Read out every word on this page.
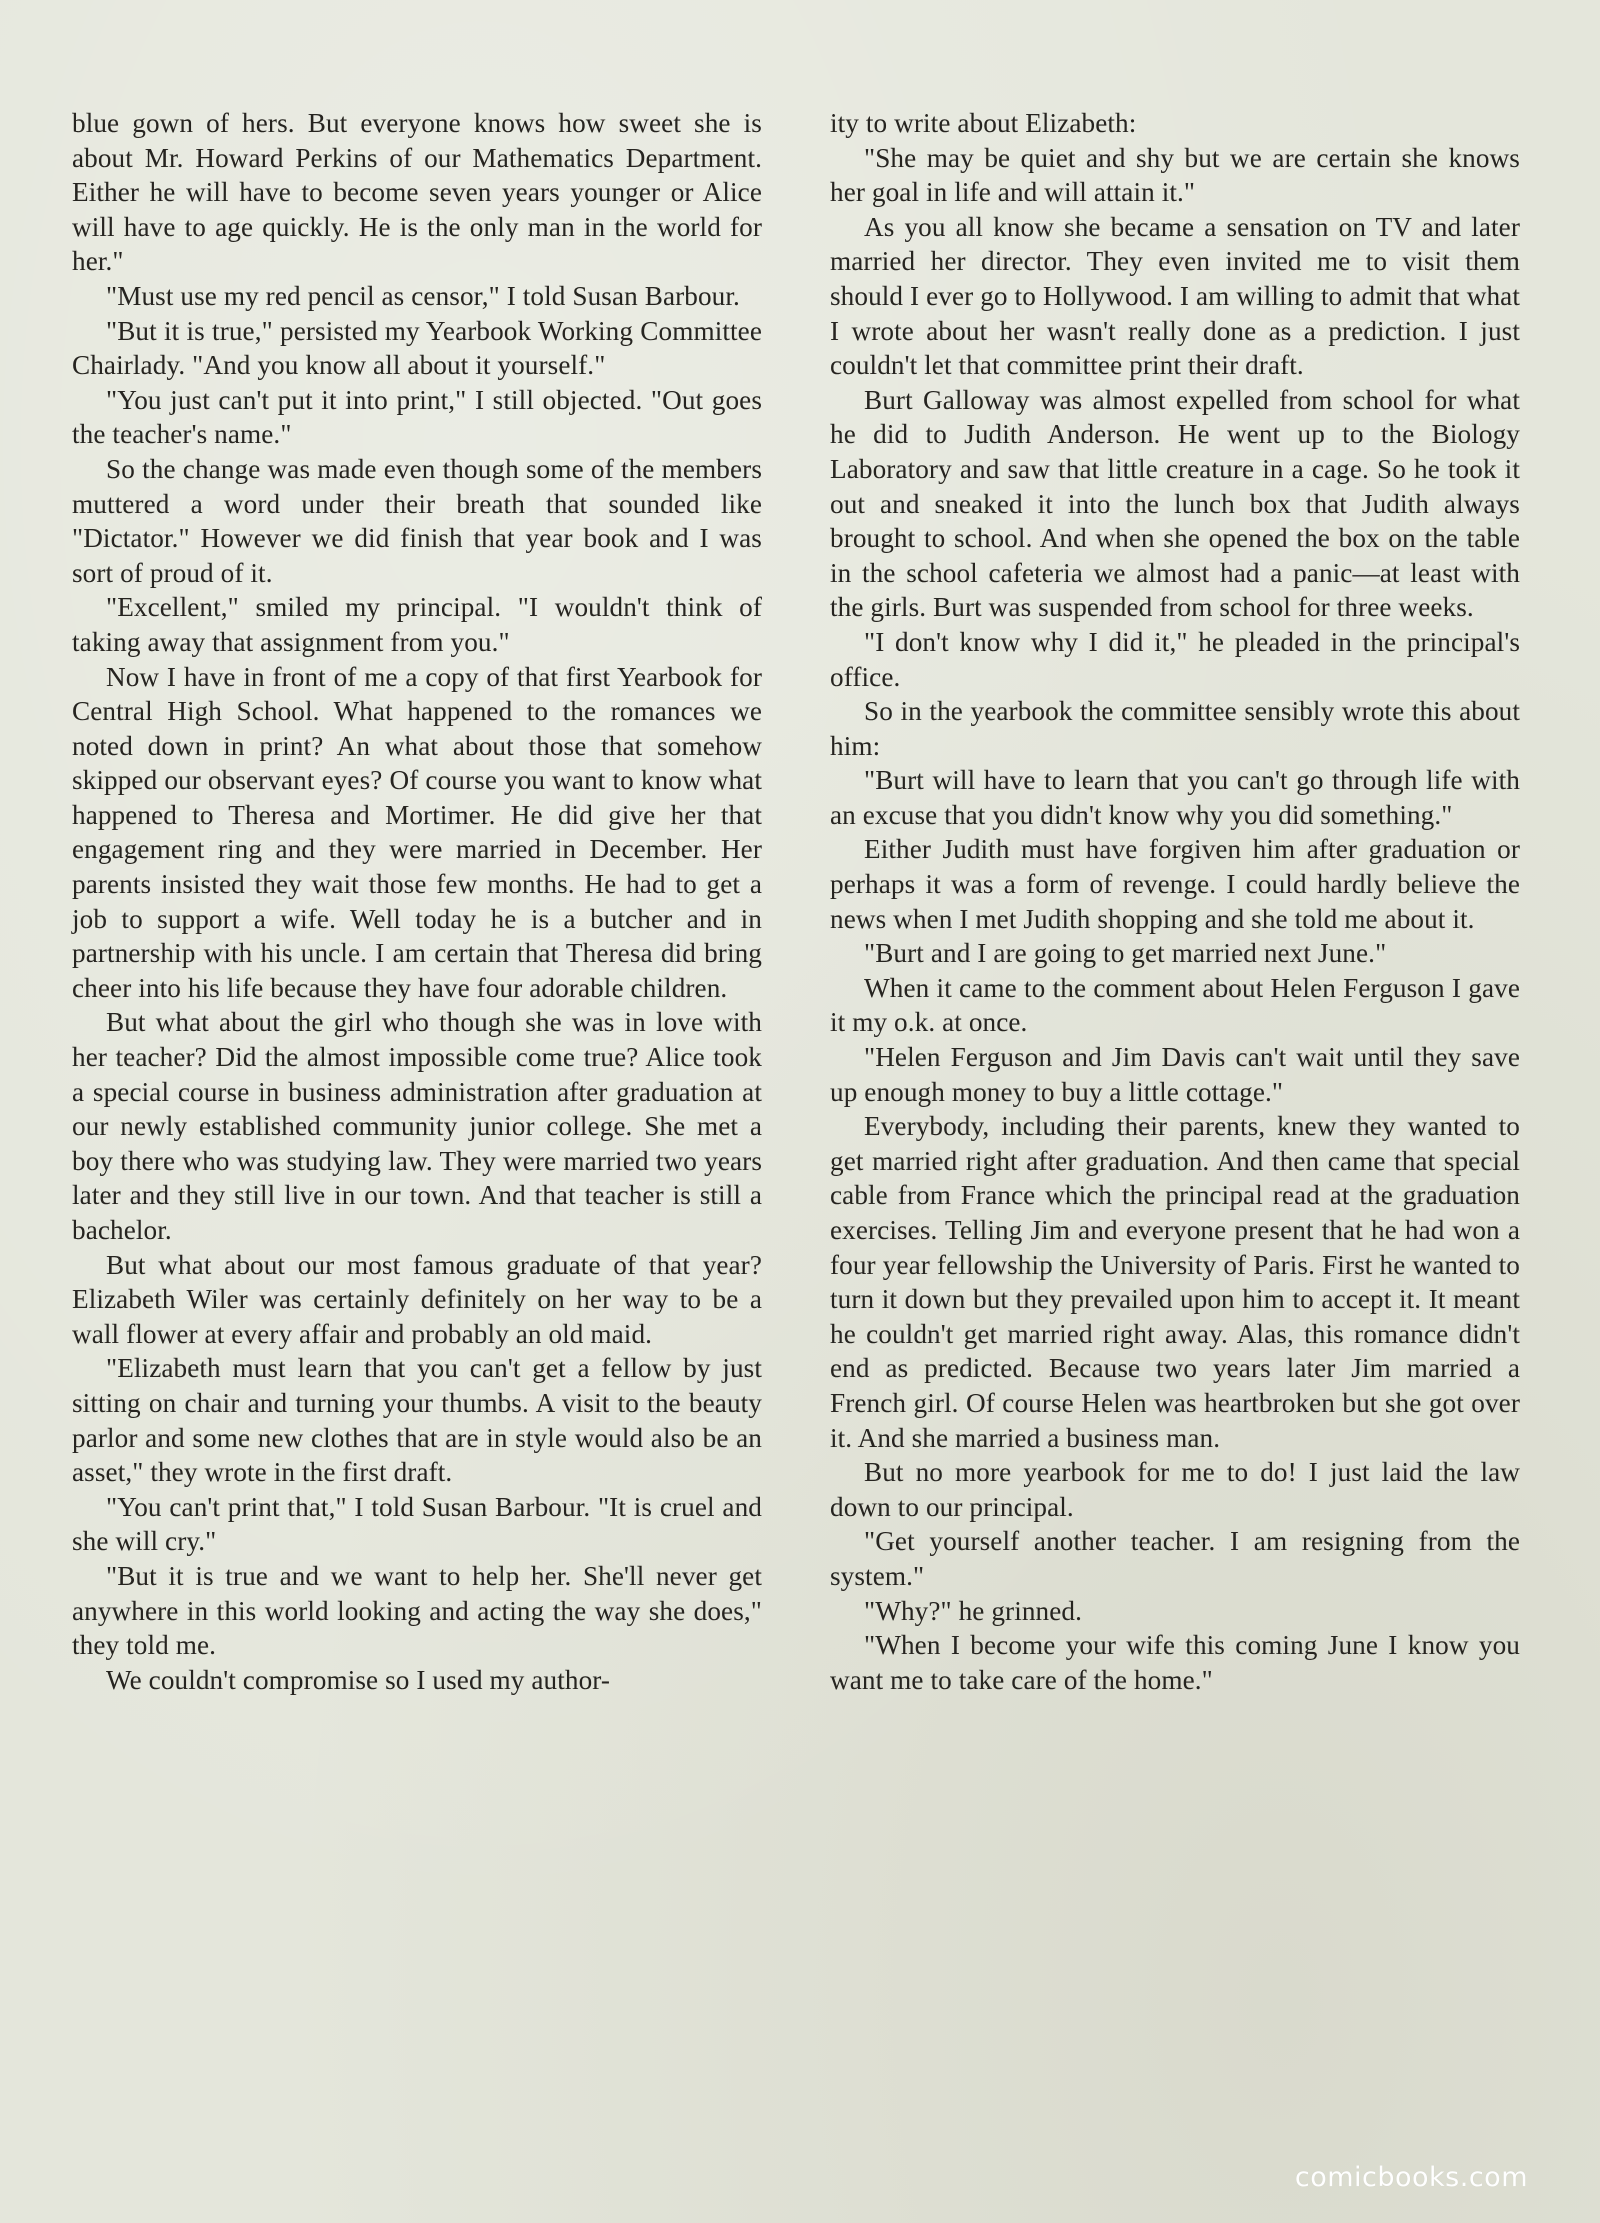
blue gown of hers. But everyone knows how sweet she is about Mr. Howard Perkins of our Mathematics Department. Either he will have to become seven years younger or Alice will have to age quickly. He is the only man in the world for her."

"Must use my red pencil as censor," I told Susan Barbour.

"But it is true," persisted my Yearbook Working Committee Chairlady. "And you know all about it yourself."

"You just can't put it into print," I still objected. "Out goes the teacher's name."

So the change was made even though some of the members muttered a word under their breath that sounded like "Dictator." However we did finish that year book and I was sort of proud of it.

"Excellent," smiled my principal. "I wouldn't think of taking away that assignment from you."

Now I have in front of me a copy of that first Yearbook for Central High School. What happened to the romances we noted down in print? An what about those that somehow skipped our observant eyes? Of course you want to know what happened to Theresa and Mortimer. He did give her that engagement ring and they were married in December. Her parents insisted they wait those few months. He had to get a job to support a wife. Well today he is a butcher and in partnership with his uncle. I am certain that Theresa did bring cheer into his life because they have four adorable children.

But what about the girl who though she was in love with her teacher? Did the almost impossible come true? Alice took a special course in business administration after graduation at our newly established community junior college. She met a boy there who was studying law. They were married two years later and they still live in our town. And that teacher is still a bachelor.

But what about our most famous graduate of that year? Elizabeth Wiler was certainly definitely on her way to be a wall flower at every affair and probably an old maid.

"Elizabeth must learn that you can't get a fellow by just sitting on chair and turning your thumbs. A visit to the beauty parlor and some new clothes that are in style would also be an asset," they wrote in the first draft.

"You can't print that," I told Susan Barbour. "It is cruel and she will cry."

"But it is true and we want to help her. She'll never get anywhere in this world looking and acting the way she does," they told me.

We couldn't compromise so I used my author-

ity to write about Elizabeth:

"She may be quiet and shy but we are certain she knows her goal in life and will attain it."

As you all know she became a sensation on TV and later married her director. They even invited me to visit them should I ever go to Hollywood. I am willing to admit that what I wrote about her wasn't really done as a prediction. I just couldn't let that committee print their draft.

Burt Galloway was almost expelled from school for what he did to Judith Anderson. He went up to the Biology Laboratory and saw that little creature in a cage. So he took it out and sneaked it into the lunch box that Judith always brought to school. And when she opened the box on the table in the school cafeteria we almost had a panic—at least with the girls. Burt was suspended from school for three weeks.

"I don't know why I did it," he pleaded in the principal's office.

So in the yearbook the committee sensibly wrote this about him:

"Burt will have to learn that you can't go through life with an excuse that you didn't know why you did something."

Either Judith must have forgiven him after graduation or perhaps it was a form of revenge. I could hardly believe the news when I met Judith shopping and she told me about it.

"Burt and I are going to get married next June."

When it came to the comment about Helen Ferguson I gave it my o.k. at once.

"Helen Ferguson and Jim Davis can't wait until they save up enough money to buy a little cottage."

Everybody, including their parents, knew they wanted to get married right after graduation. And then came that special cable from France which the principal read at the graduation exercises. Telling Jim and everyone present that he had won a four year fellowship the University of Paris. First he wanted to turn it down but they prevailed upon him to accept it. It meant he couldn't get married right away. Alas, this romance didn't end as predicted. Because two years later Jim married a French girl. Of course Helen was heartbroken but she got over it. And she married a business man.

But no more yearbook for me to do! I just laid the law down to our principal.

"Get yourself another teacher. I am resigning from the system."

"Why?" he grinned.

"When I become your wife this coming June I know you want me to take care of the home."

comicbooks.com
